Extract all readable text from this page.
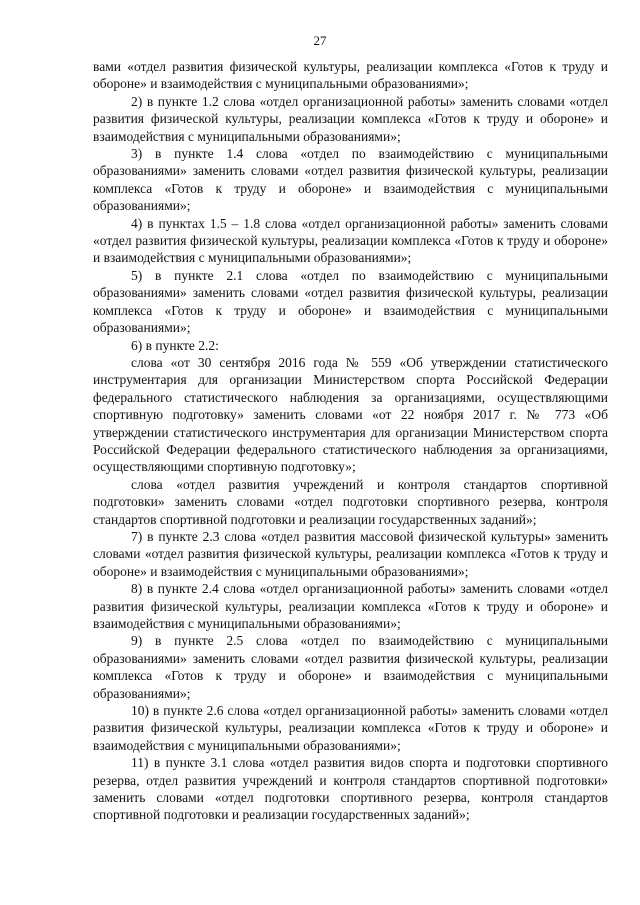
27

вами «отдел развития физической культуры, реализации комплекса «Готов к труду и обороне» и взаимодействия с муниципальными образованиями»;

2) в пункте 1.2 слова «отдел организационной работы» заменить словами «отдел развития физической культуры, реализации комплекса «Готов к труду и обороне» и взаимодействия с муниципальными образованиями»;

3) в пункте 1.4 слова «отдел по взаимодействию с муниципальными образованиями» заменить словами «отдел развития физической культуры, реализации комплекса «Готов к труду и обороне» и взаимодействия с муниципальными образованиями»;

4) в пунктах 1.5 – 1.8 слова «отдел организационной работы» заменить словами «отдел развития физической культуры, реализации комплекса «Готов к труду и обороне» и взаимодействия с муниципальными образованиями»;

5) в пункте 2.1 слова «отдел по взаимодействию с муниципальными образованиями» заменить словами «отдел развития физической культуры, реализации комплекса «Готов к труду и обороне» и взаимодействия с муниципальными образованиями»;

6) в пункте 2.2:

слова «от 30 сентября 2016 года № 559 «Об утверждении статистического инструментария для организации Министерством спорта Российской Федерации федерального статистического наблюдения за организациями, осуществляющими спортивную подготовку» заменить словами «от 22 ноября 2017 г. № 773 «Об утверждении статистического инструментария для организации Министерством спорта Российской Федерации федерального статистического наблюдения за организациями, осуществляющими спортивную подготовку»;

слова «отдел развития учреждений и контроля стандартов спортивной подготовки» заменить словами «отдел подготовки спортивного резерва, контроля стандартов спортивной подготовки и реализации государственных заданий»;

7) в пункте 2.3 слова «отдел развития массовой физической культуры» заменить словами «отдел развития физической культуры, реализации комплекса «Готов к труду и обороне» и взаимодействия с муниципальными образованиями»;

8) в пункте 2.4 слова «отдел организационной работы» заменить словами «отдел развития физической культуры, реализации комплекса «Готов к труду и обороне» и взаимодействия с муниципальными образованиями»;

9) в пункте 2.5 слова «отдел по взаимодействию с муниципальными образованиями» заменить словами «отдел развития физической культуры, реализации комплекса «Готов к труду и обороне» и взаимодействия с муниципальными образованиями»;

10) в пункте 2.6 слова «отдел организационной работы» заменить словами «отдел развития физической культуры, реализации комплекса «Готов к труду и обороне» и взаимодействия с муниципальными образованиями»;

11) в пункте 3.1 слова «отдел развития видов спорта и подготовки спортивного резерва, отдел развития учреждений и контроля стандартов спортивной подготовки» заменить словами «отдел подготовки спортивного резерва, контроля стандартов спортивной подготовки и реализации государственных заданий»;
